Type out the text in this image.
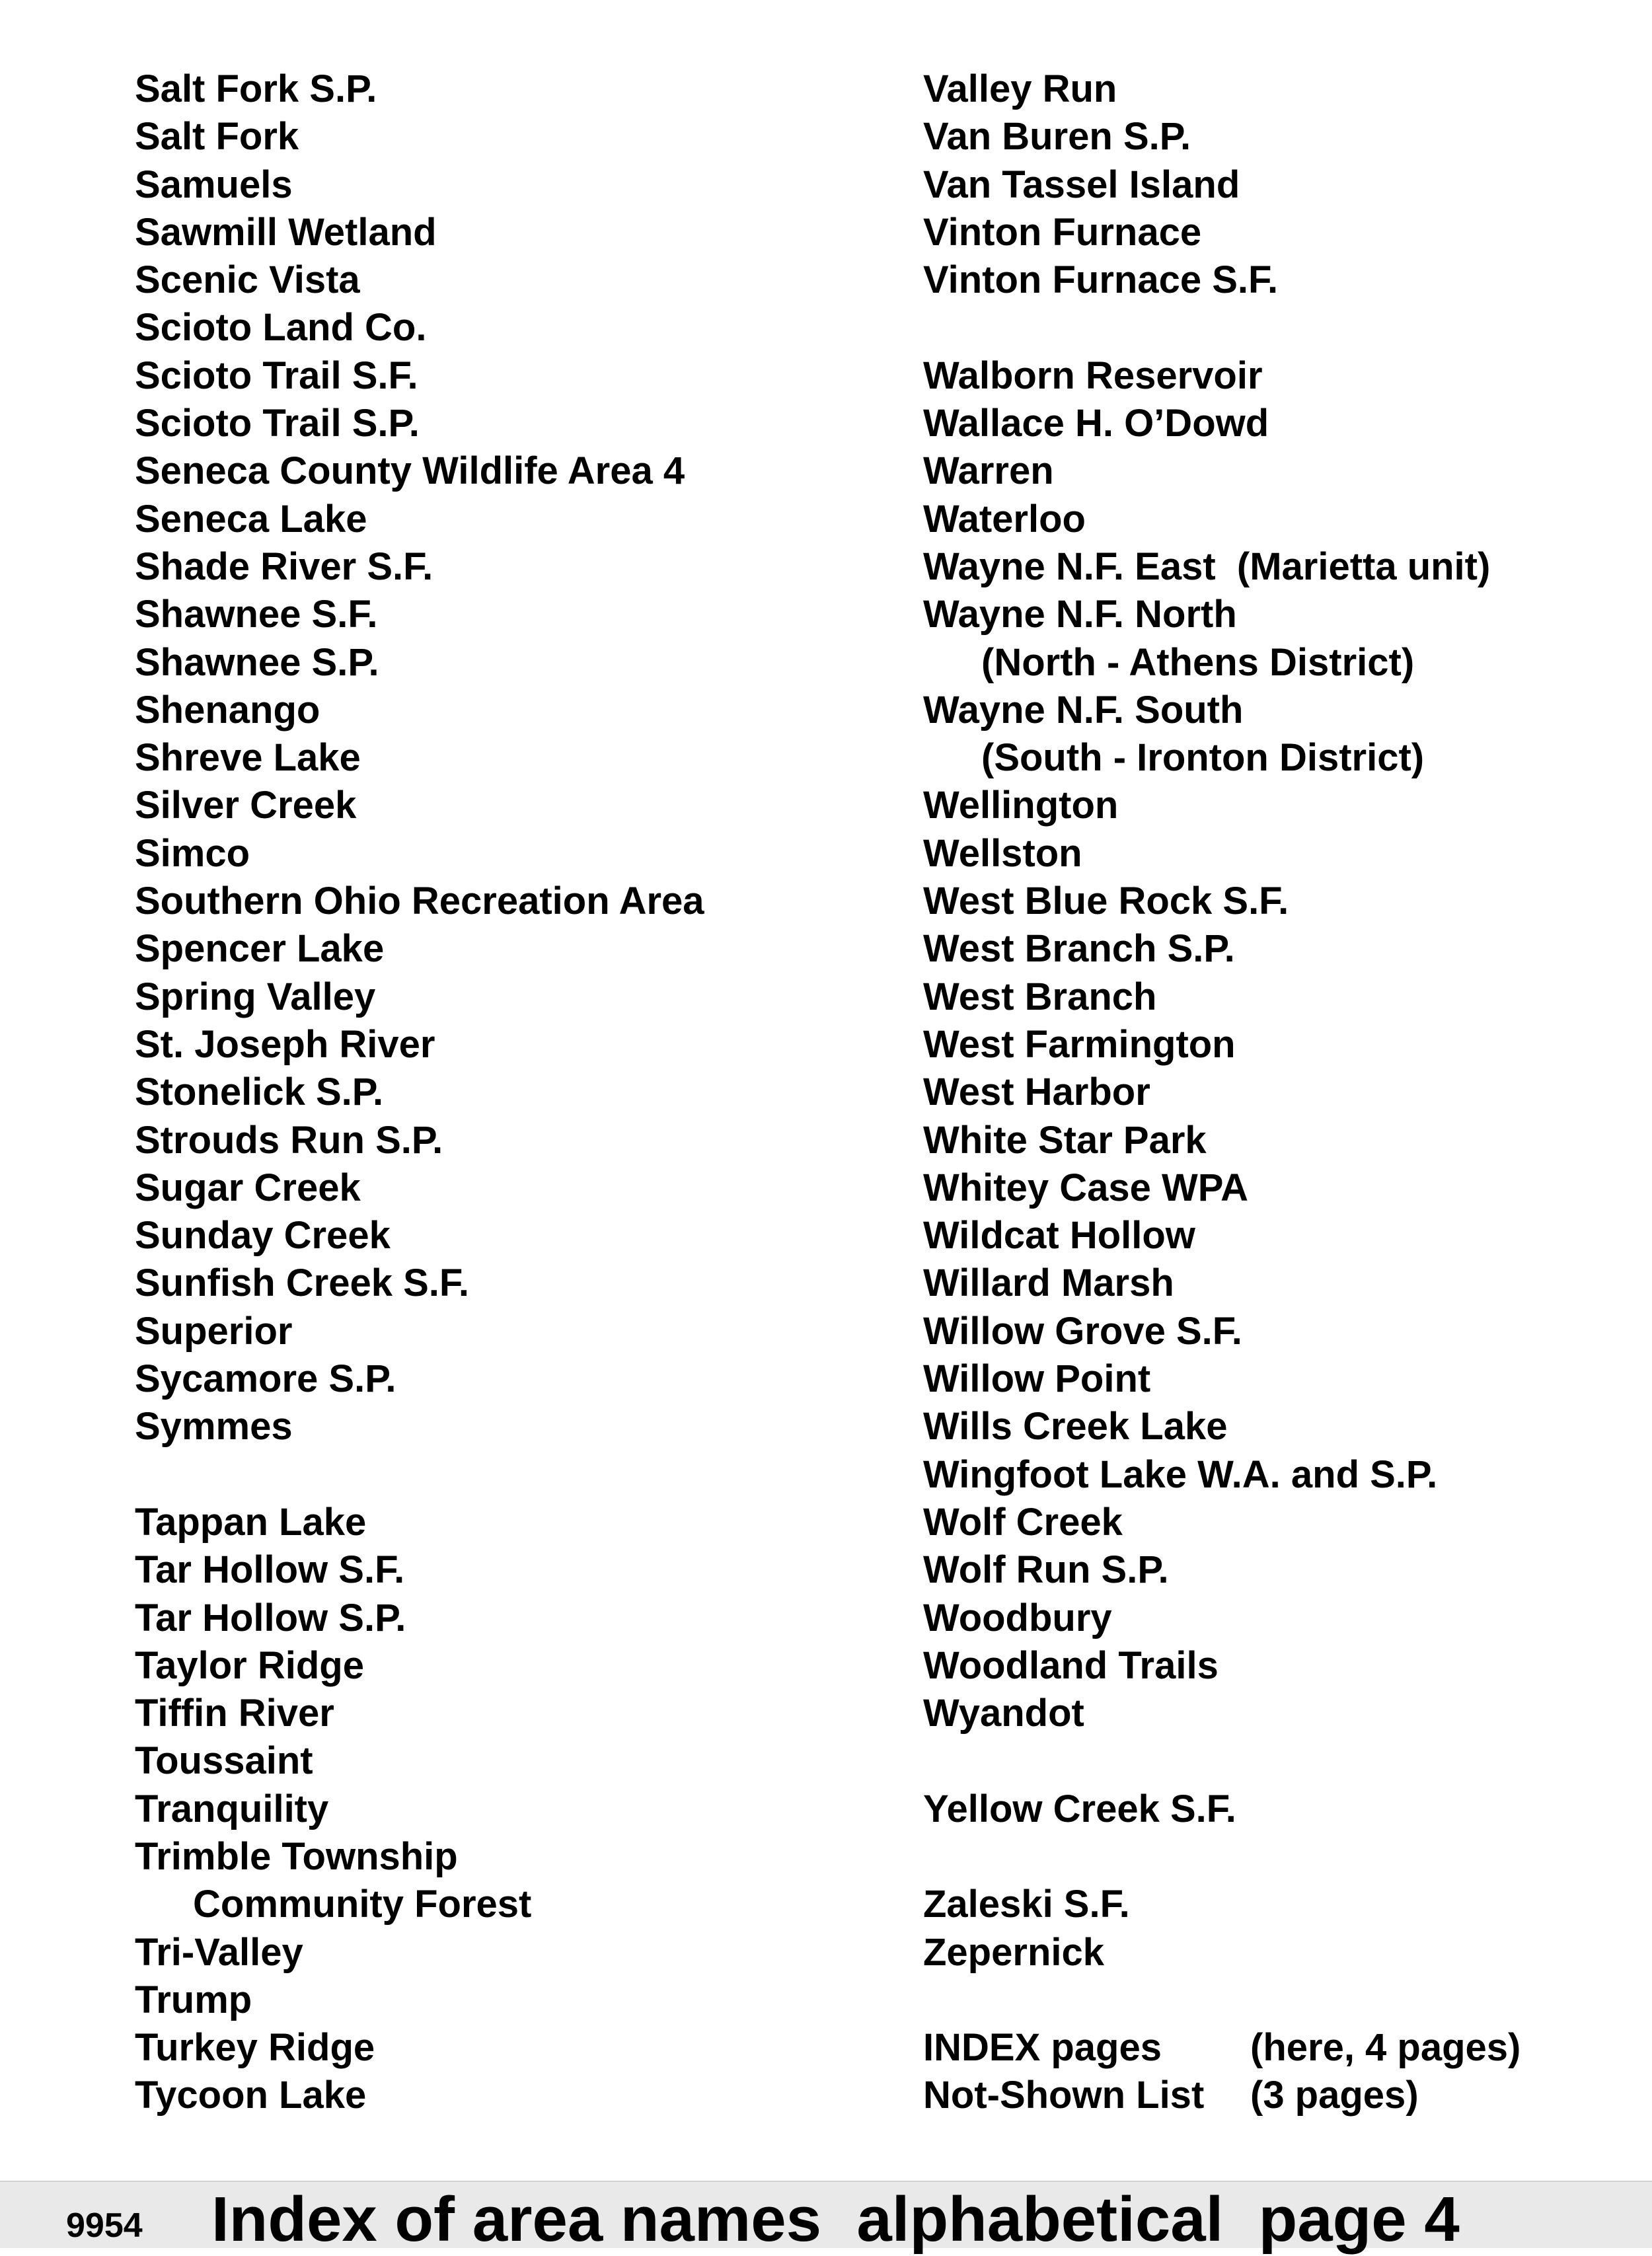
Salt Fork S.P.
Salt Fork
Samuels
Sawmill Wetland
Scenic Vista
Scioto Land Co.
Scioto Trail S.F.
Scioto Trail S.P.
Seneca County Wildlife Area 4
Seneca Lake
Shade River S.F.
Shawnee S.F.
Shawnee S.P.
Shenango
Shreve Lake
Silver Creek
Simco
Southern Ohio Recreation Area
Spencer Lake
Spring Valley
St. Joseph River
Stonelick S.P.
Strouds Run S.P.
Sugar Creek
Sunday Creek
Sunfish Creek S.F.
Superior
Sycamore S.P.
Symmes
Tappan Lake
Tar Hollow S.F.
Tar Hollow S.P.
Taylor Ridge
Tiffin River
Toussaint
Tranquility
Trimble Township
Community Forest
Tri-Valley
Trump
Turkey Ridge
Tycoon Lake
Valley Run
Van Buren S.P.
Van Tassel Island
Vinton Furnace
Vinton Furnace S.F.
Walborn Reservoir
Wallace H. O’Dowd
Warren
Waterloo
Wayne N.F. East  (Marietta unit)
Wayne N.F. North
(North - Athens District)
Wayne N.F. South
(South - Ironton District)
Wellington
Wellston
West Blue Rock S.F.
West Branch S.P.
West Branch
West Farmington
West Harbor
White Star Park
Whitey Case WPA
Wildcat Hollow
Willard Marsh
Willow Grove S.F.
Willow Point
Wills Creek Lake
Wingfoot Lake W.A. and S.P.
Wolf Creek
Wolf Run S.P.
Woodbury
Woodland Trails
Wyandot
Yellow Creek S.F.
Zaleski S.F.
Zepernick
INDEX pages	(here, 4 pages)
Not-Shown List	(3 pages)
9954 Index of area names  alphabetical  page 4
